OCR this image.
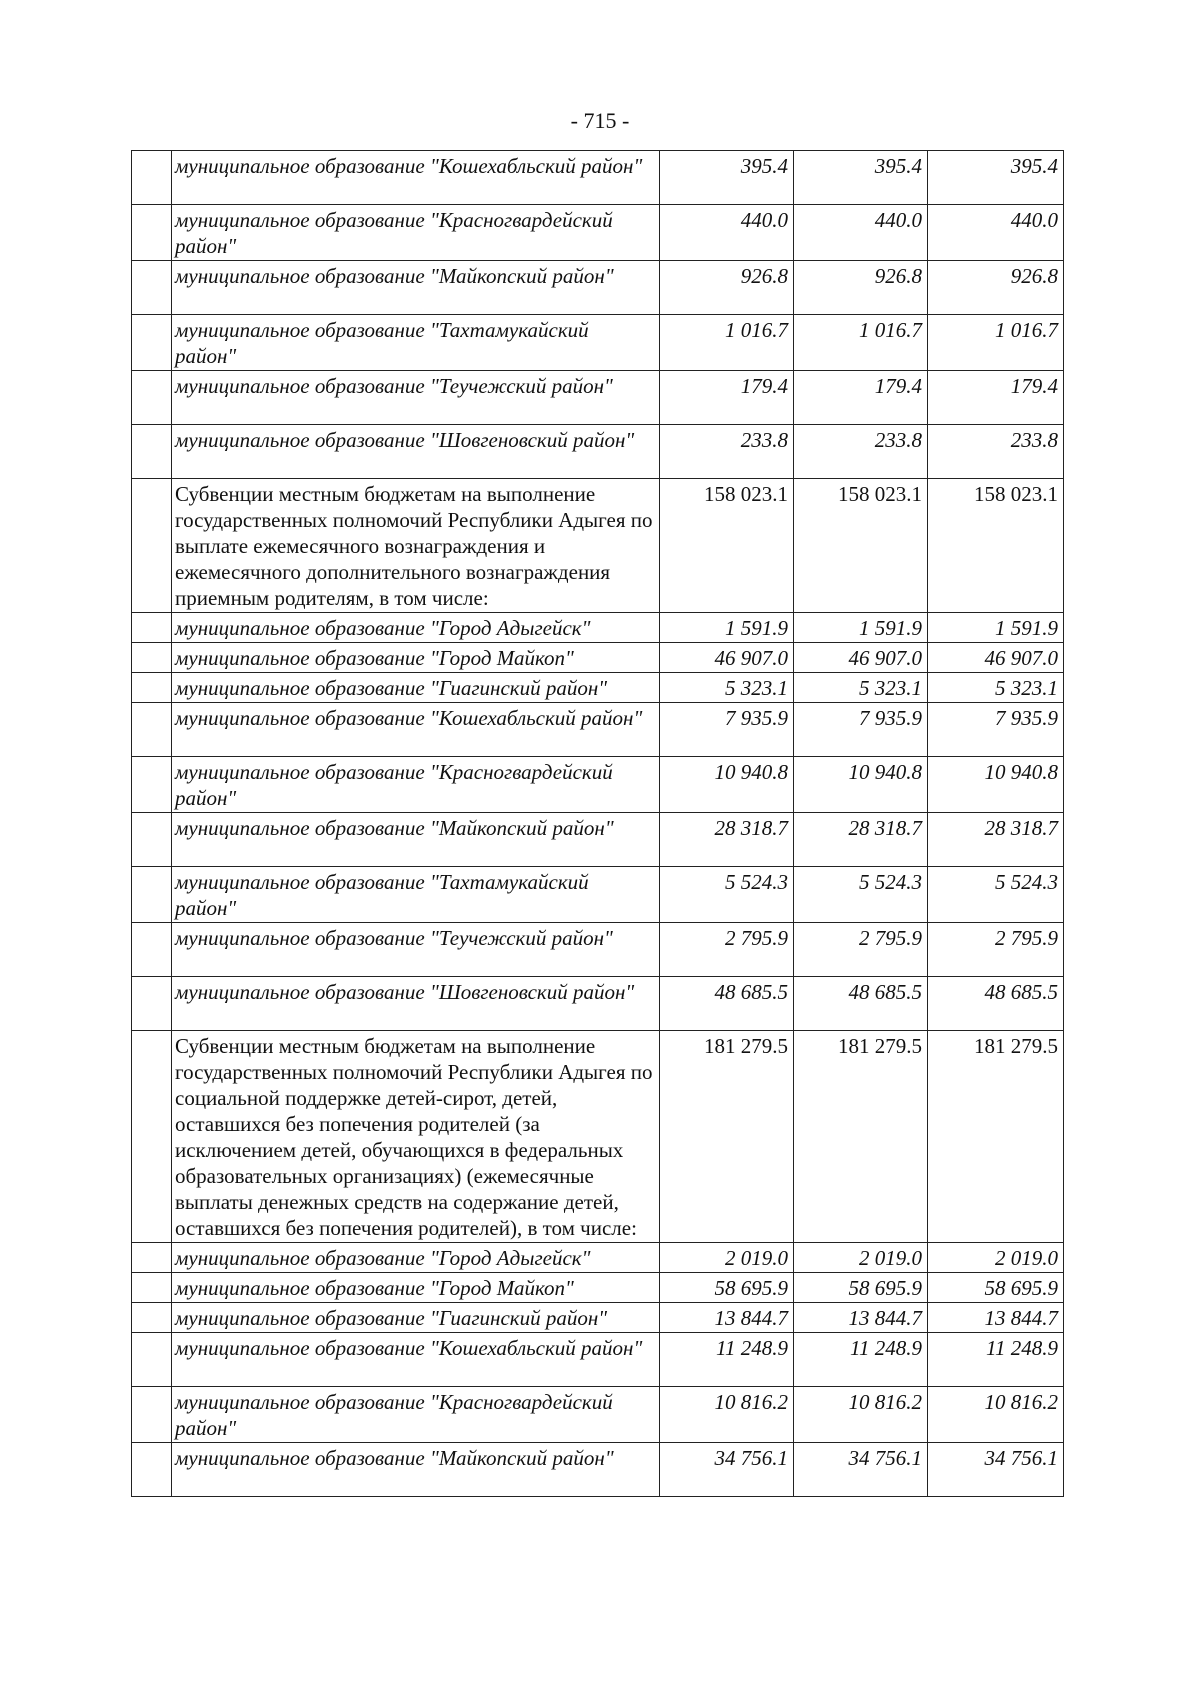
- 715 -
	муниципальное образование "Кошехабльский район"	395.4	395.4	395.4
	муниципальное образование "Красногвардейский район"	440.0	440.0	440.0
	муниципальное образование "Майкопский район"	926.8	926.8	926.8
	муниципальное образование "Тахтамукайский район"	1 016.7	1 016.7	1 016.7
	муниципальное образование "Теучежский район"	179.4	179.4	179.4
	муниципальное образование "Шовгеновский район"	233.8	233.8	233.8
	Субвенции местным бюджетам на выполнение государственных полномочий Республики Адыгея по выплате ежемесячного вознаграждения и ежемесячного дополнительного вознаграждения приемным родителям, в том числе:	158 023.1	158 023.1	158 023.1
	муниципальное образование "Город Адыгейск"	1 591.9	1 591.9	1 591.9
	муниципальное образование "Город Майкоп"	46 907.0	46 907.0	46 907.0
	муниципальное образование "Гиагинский район"	5 323.1	5 323.1	5 323.1
	муниципальное образование "Кошехабльский район"	7 935.9	7 935.9	7 935.9
	муниципальное образование "Красногвардейский район"	10 940.8	10 940.8	10 940.8
	муниципальное образование "Майкопский район"	28 318.7	28 318.7	28 318.7
	муниципальное образование "Тахтамукайский район"	5 524.3	5 524.3	5 524.3
	муниципальное образование "Теучежский район"	2 795.9	2 795.9	2 795.9
	муниципальное образование "Шовгеновский район"	48 685.5	48 685.5	48 685.5
	Субвенции местным бюджетам на выполнение государственных полномочий Республики Адыгея по социальной поддержке детей-сирот, детей, оставшихся без попечения родителей (за исключением детей, обучающихся в федеральных образовательных организациях) (ежемесячные выплаты денежных средств на содержание детей, оставшихся без попечения родителей), в том числе:	181 279.5	181 279.5	181 279.5
	муниципальное образование "Город Адыгейск"	2 019.0	2 019.0	2 019.0
	муниципальное образование "Город Майкоп"	58 695.9	58 695.9	58 695.9
	муниципальное образование "Гиагинский район"	13 844.7	13 844.7	13 844.7
	муниципальное образование "Кошехабльский район"	11 248.9	11 248.9	11 248.9
	муниципальное образование "Красногвардейский район"	10 816.2	10 816.2	10 816.2
	муниципальное образование "Майкопский район"	34 756.1	34 756.1	34 756.1
